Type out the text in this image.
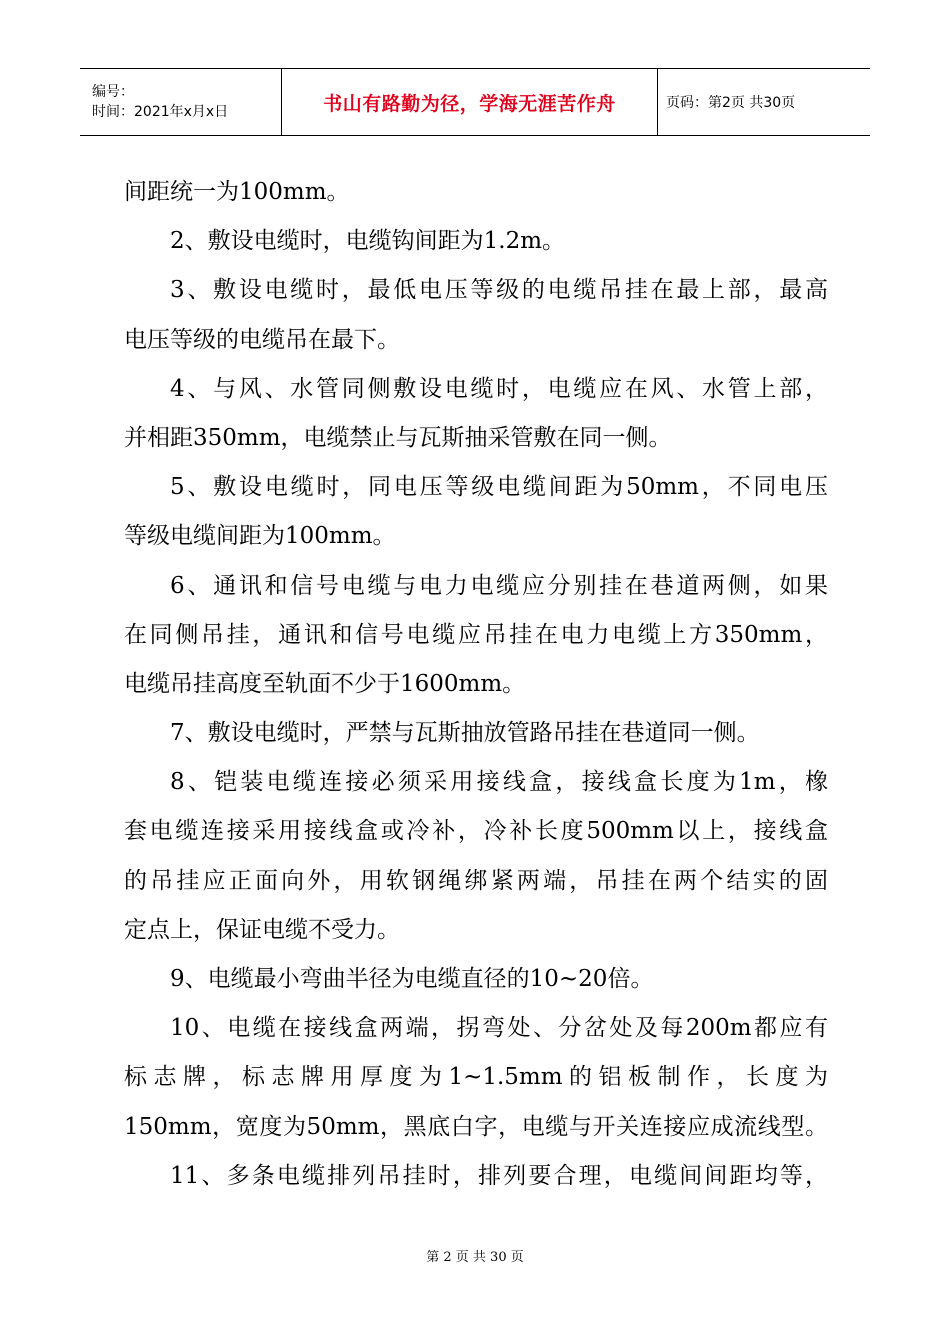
编号：
时间：2021年x月x日	书山有路勤为径，学海无涯苦作舟	页码：第2页 共30页
间距统一为100mm。
2、敷设电缆时，电缆钩间距为1.2m。
3、敷设电缆时，最低电压等级的电缆吊挂在最上部，最高
电压等级的电缆吊在最下。
4、与风、水管同侧敷设电缆时，电缆应在风、水管上部，
并相距350mm，电缆禁止与瓦斯抽采管敷在同一侧。
5、敷设电缆时，同电压等级电缆间距为50mm，不同电压
等级电缆间距为100mm。
6、通讯和信号电缆与电力电缆应分别挂在巷道两侧，如果
在同侧吊挂，通讯和信号电缆应吊挂在电力电缆上方350mm，
电缆吊挂高度至轨面不少于1600mm。
7、敷设电缆时，严禁与瓦斯抽放管路吊挂在巷道同一侧。
8、铠装电缆连接必须采用接线盒，接线盒长度为1m，橡
套电缆连接采用接线盒或冷补，冷补长度500mm以上，接线盒
的吊挂应正面向外，用软钢绳绑紧两端，吊挂在两个结实的固
定点上，保证电缆不受力。
9、电缆最小弯曲半径为电缆直径的10~20倍。
10、电缆在接线盒两端，拐弯处、分岔处及每200m都应有
标志牌，标志牌用厚度为1~1.5mm的铝板制作，长度为
150mm，宽度为50mm，黑底白字，电缆与开关连接应成流线型。
11、多条电缆排列吊挂时，排列要合理，电缆间间距均等，
第 2 页 共 30 页
